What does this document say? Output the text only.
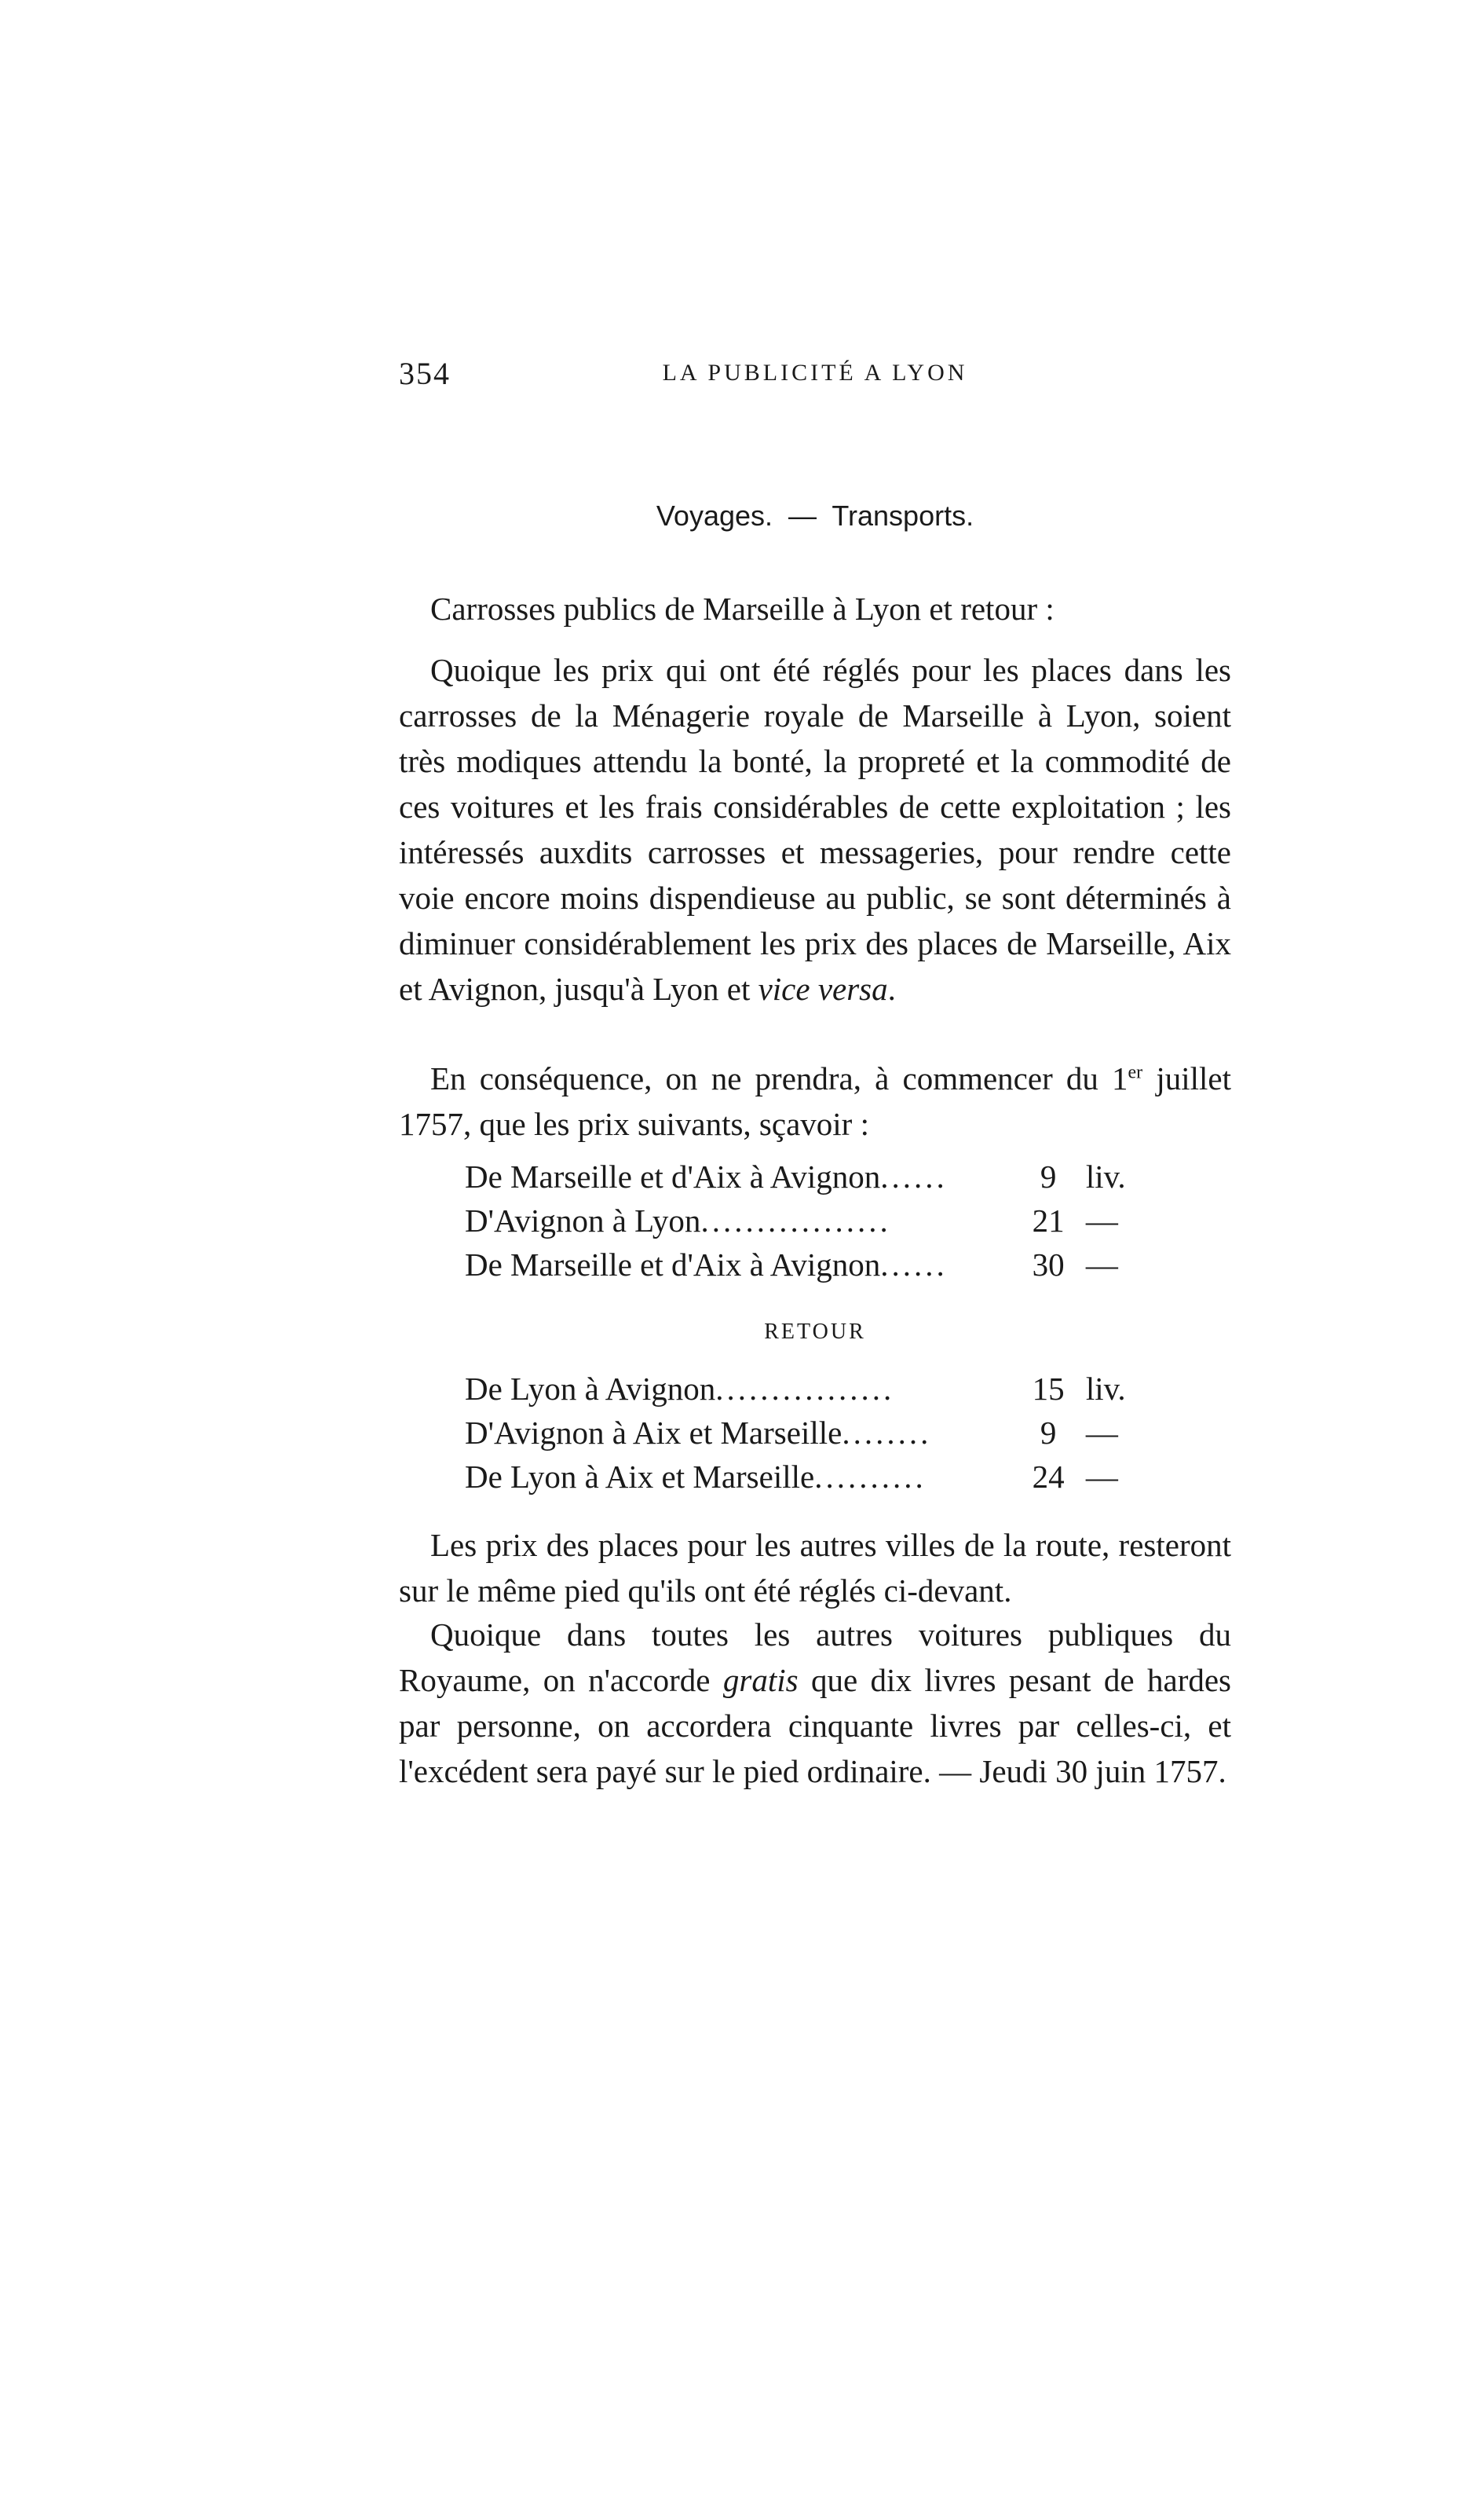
354	LA PUBLICITÉ A LYON
Voyages. — Transports.

Carrosses publics de Marseille à Lyon et retour :

Quoique les prix qui ont été réglés pour les places dans les carrosses de la Ménagerie royale de Marseille à Lyon, soient très modiques attendu la bonté, la propreté et la commodité de ces voitures et les frais considérables de cette exploitation ; les intéressés auxdits carrosses et messageries, pour rendre cette voie encore moins dispendieuse au public, se sont déterminés à diminuer considérablement les prix des places de Marseille, Aix et Avignon, jusqu'à Lyon et vice versa.

En conséquence, on ne prendra, à commencer du 1er juillet 1757, que les prix suivants, sçavoir :

De Marseille et d'Aix à Avignon......	9 liv.
D'Avignon à Lyon.................	21 —
De Marseille et d'Aix à Avignon......	30 —
RETOUR
De Lyon à Avignon................	15 liv.
D'Avignon à Aix et Marseille........	9 —
De Lyon à Aix et Marseille..........	24 —

Les prix des places pour les autres villes de la route, resteront sur le même pied qu'ils ont été réglés ci-devant.

Quoique dans toutes les autres voitures publiques du Royaume, on n'accorde gratis que dix livres pesant de hardes par personne, on accordera cinquante livres par celles-ci, et l'excédent sera payé sur le pied ordinaire. — Jeudi 30 juin 1757.
